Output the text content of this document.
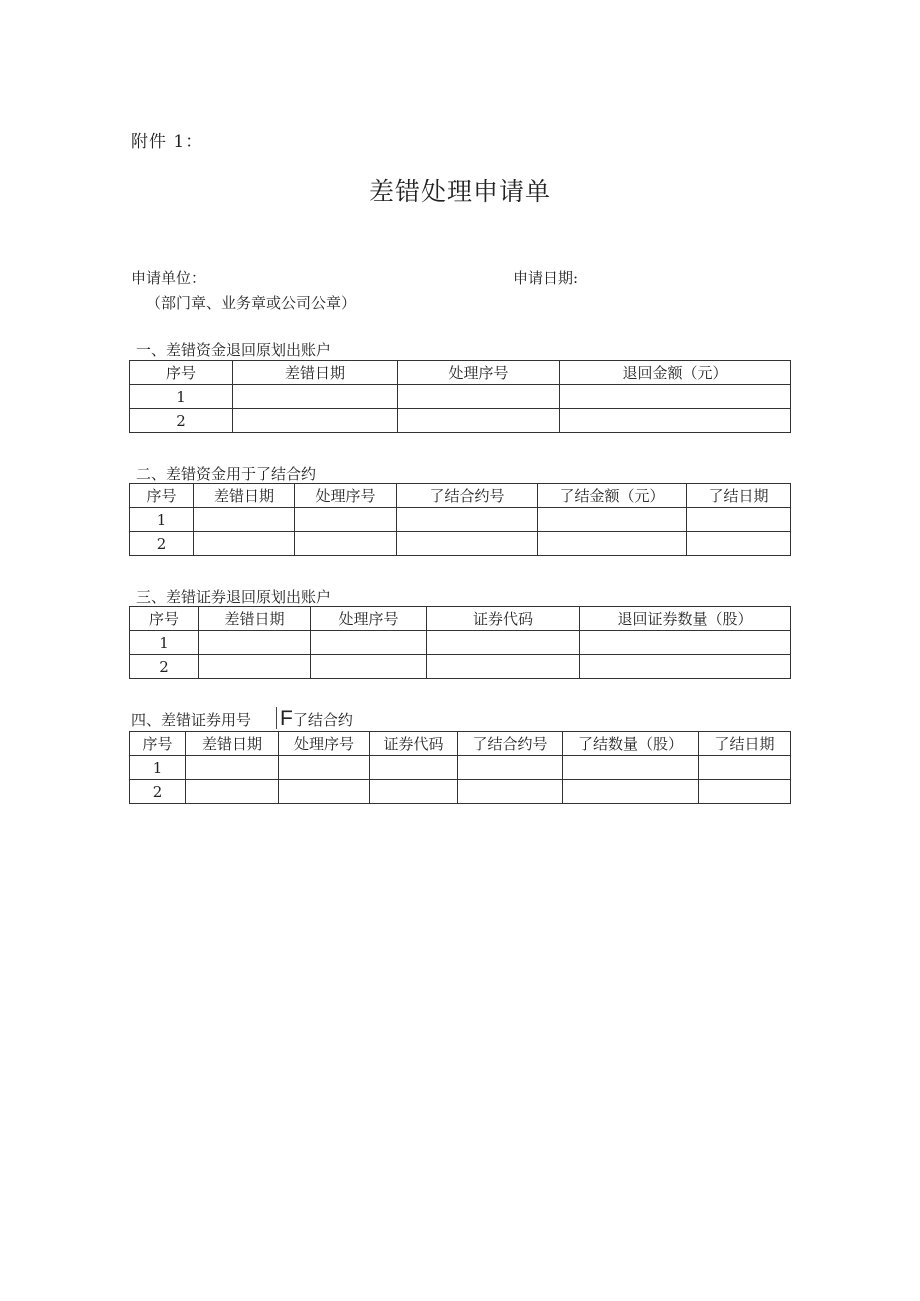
附件 1：
差错处理申请单
申请单位：	申请日期:
（部门章、业务章或公司公章）
一、差错资金退回原划出账户
序号	差错日期	处理序号	退回金额（元）
1			
2			
二、差错资金用于了结合约
序号	差错日期	处理序号	了结合约号	了结金额（元）	了结日期
1					
2					
三、差错证券退回原划出账户
序号	差错日期	处理序号	证券代码	退回证券数量（股）
1				
2				
四、差错证券用号 F了结合约
序号	差错日期	处理序号	证券代码	了结合约号	了结数量（股）	了结日期
1						
2						
